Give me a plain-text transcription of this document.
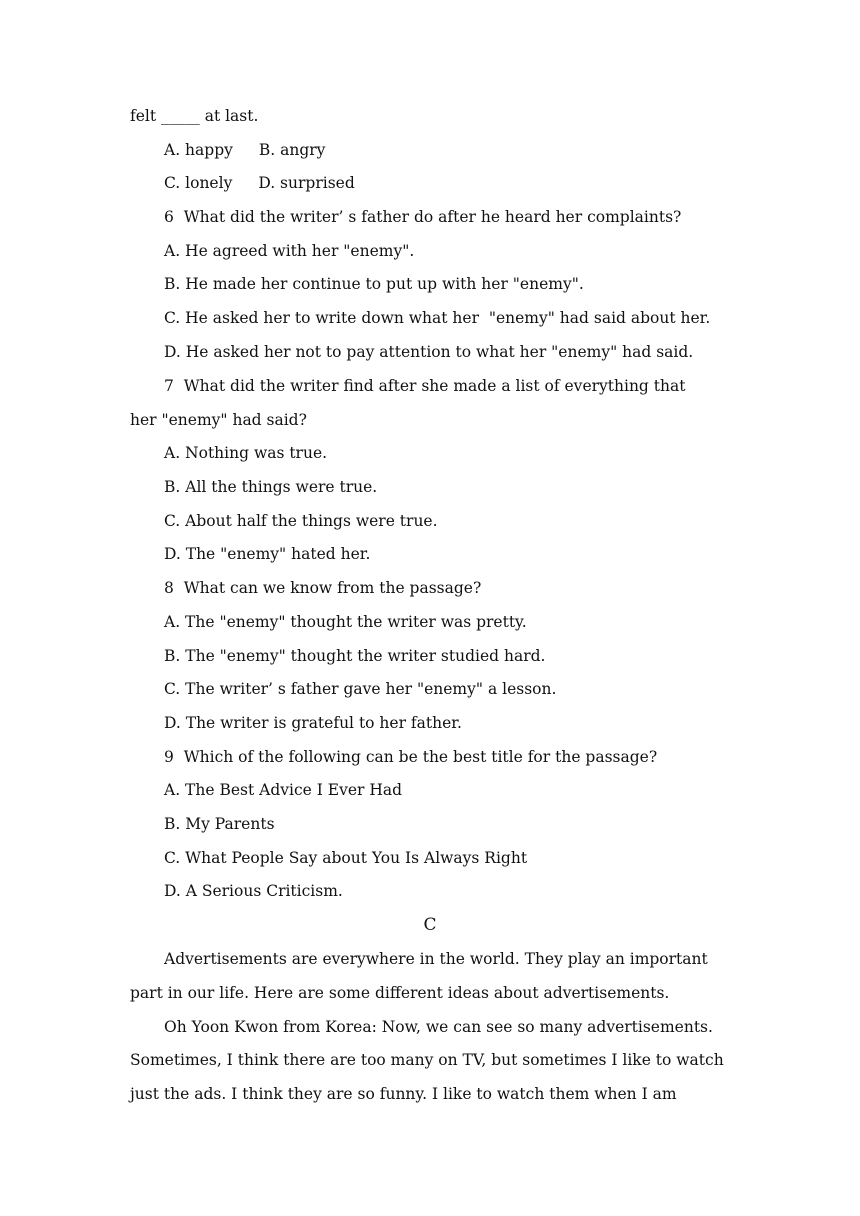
felt _____ at last.
A. happy B. angry
C. lonely D. surprised
6  What did the writer’ s father do after he heard her complaints?
A. He agreed with her "enemy".
B. He made her continue to put up with her "enemy".
C. He asked her to write down what her  "enemy" had said about her.
D. He asked her not to pay attention to what her "enemy" had said.
7  What did the writer find after she made a list of everything that
her "enemy" had said?
A. Nothing was true.
B. All the things were true.
C. About half the things were true.
D. The "enemy" hated her.
8  What can we know from the passage?
A. The "enemy" thought the writer was pretty.
B. The "enemy" thought the writer studied hard.
C. The writer’ s father gave her "enemy" a lesson.
D. The writer is grateful to her father.
9  Which of the following can be the best title for the passage?
A. The Best Advice I Ever Had
B. My Parents
C. What People Say about You Is Always Right
D. A Serious Criticism.
C
Advertisements are everywhere in the world. They play an important
part in our life. Here are some different ideas about advertisements.
Oh Yoon Kwon from Korea: Now, we can see so many advertisements.
Sometimes, I think there are too many on TV, but sometimes I like to watch
just the ads. I think they are so funny. I like to watch them when I am
